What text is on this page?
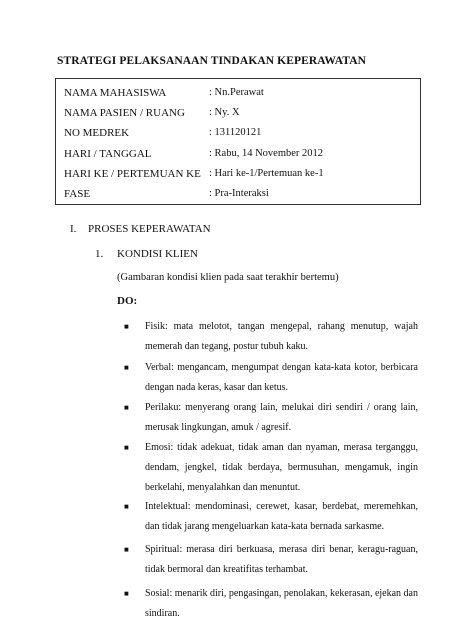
STRATEGI PELAKSANAAN TINDAKAN KEPERAWATAN
NAMA MAHASISWA	: Nn.Perawat
NAMA PASIEN / RUANG	: Ny. X
NO MEDREK	: 131120121
HARI / TANGGAL	: Rabu, 14 November 2012
HARI KE / PERTEMUAN KE : Hari ke-1/Pertemuan ke-1
FASE	: Pra-Interaksi
I. PROSES KEPERAWATAN
1. KONDISI KLIEN
(Gambaran kondisi klien pada saat terakhir bertemu)
DO:
■	Fisik: mata melotot, tangan mengepal, rahang menutup, wajah memerah dan tegang, postur tubuh kaku.
■	Verbal: mengancam, mengumpat dengan kata-kata kotor, berbicara dengan nada keras, kasar dan ketus.
■	Perilaku: menyerang orang lain, melukai diri sendiri / orang lain, merusak lingkungan, amuk / agresif.
■	Emosi: tidak adekuat, tidak aman dan nyaman, merasa terganggu, dendam, jengkel, tidak berdaya, bermusuhan, mengamuk, ingin berkelahi, menyalahkan dan menuntut.
■	Intelektual: mendominasi, cerewet, kasar, berdebat, meremehkan, dan tidak jarang mengeluarkan kata-kata bernada sarkasme.
■	Spiritual: merasa diri berkuasa, merasa diri benar, keragu-raguan, tidak bermoral dan kreatifitas terhambat.
■	Sosial: menarik diri, pengasingan, penolakan, kekerasan, ejekan dan sindiran.
